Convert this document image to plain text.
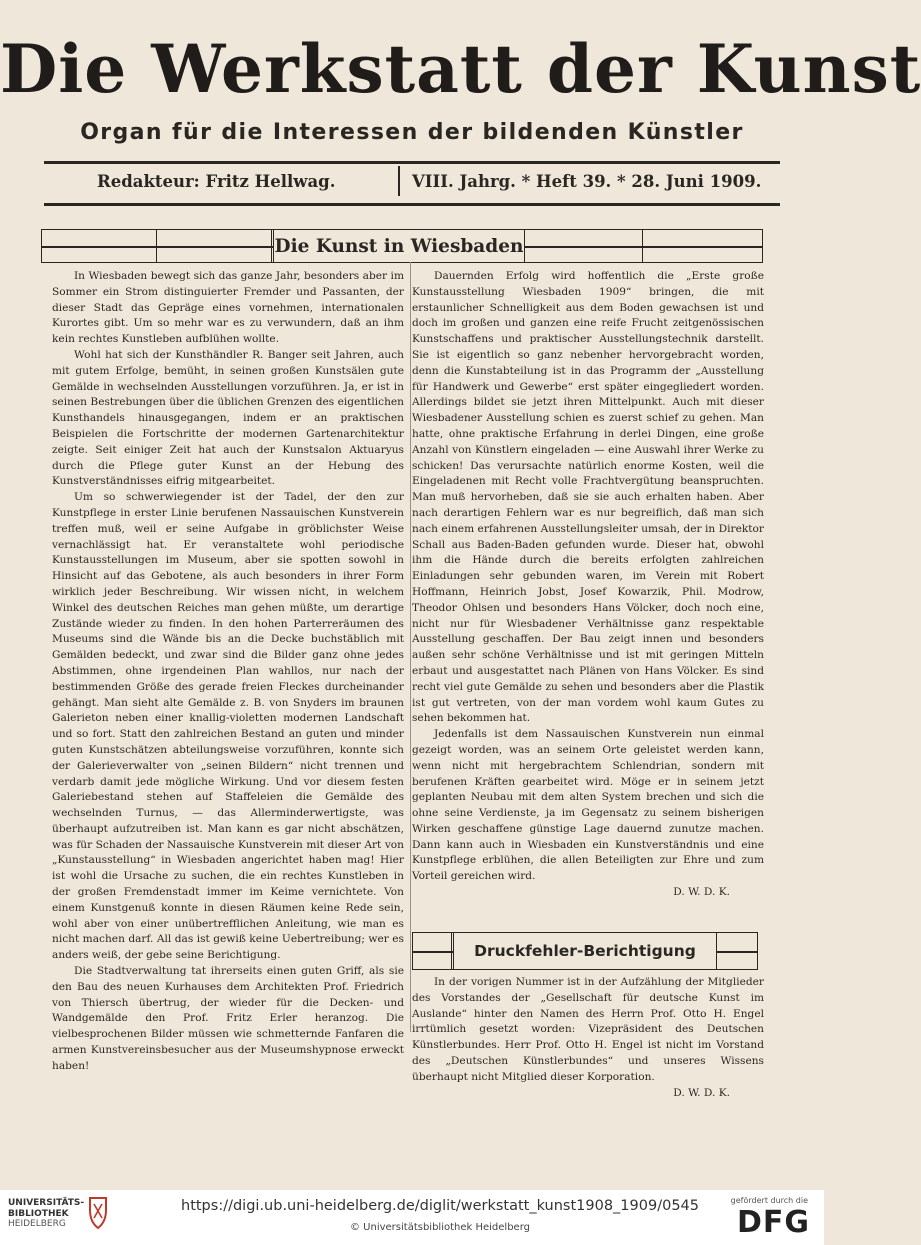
Die Werkstatt der Kunst
Organ für die Interessen der bildenden Künstler
Redakteur: Fritz Hellwag.	VIII. Jahrg. * Heft 39. * 28. Juni 1909.
Die Kunst in Wiesbaden

In Wiesbaden bewegt sich das ganze Jahr, besonders aber im Sommer ein Strom distinguierter Fremder und Passanten, der dieser Stadt das Gepräge eines vornehmen, internationalen Kurortes gibt. Um so mehr war es zu verwundern, daß an ihm kein rechtes Kunstleben aufblühen wollte.

Wohl hat sich der Kunsthändler R. Banger seit Jahren, auch mit gutem Erfolge, bemüht, in seinen großen Kunstsälen gute Gemälde in wechselnden Ausstellungen vorzuführen. Ja, er ist in seinen Bestrebungen über die üblichen Grenzen des eigentlichen Kunsthandels hinausgegangen, indem er an praktischen Beispielen die Fortschritte der modernen Gartenarchitektur zeigte. Seit einiger Zeit hat auch der Kunstsalon Aktuaryus durch die Pflege guter Kunst an der Hebung des Kunstverständnisses eifrig mitgearbeitet.

Um so schwerwiegender ist der Tadel, der den zur Kunstpflege in erster Linie berufenen Nassauischen Kunstverein treffen muß, weil er seine Aufgabe in gröblichster Weise vernachlässigt hat. Er veranstaltete wohl periodische Kunstausstellungen im Museum, aber sie spotten sowohl in Hinsicht auf das Gebotene, als auch besonders in ihrer Form wirklich jeder Beschreibung. Wir wissen nicht, in welchem Winkel des deutschen Reiches man gehen müßte, um derartige Zustände wieder zu finden. In den hohen Parterreräumen des Museums sind die Wände bis an die Decke buchstäblich mit Gemälden bedeckt, und zwar sind die Bilder ganz ohne jedes Abstimmen, ohne irgendeinen Plan wahllos, nur nach der bestimmenden Größe des gerade freien Fleckes durcheinander gehängt. Man sieht alte Gemälde z. B. von Snyders im braunen Galerieton neben einer knallig-violetten modernen Landschaft und so fort. Statt den zahlreichen Bestand an guten und minder guten Kunstschätzen abteilungsweise vorzuführen, konnte sich der Galerieverwalter von „seinen Bildern“ nicht trennen und verdarb damit jede mögliche Wirkung. Und vor diesem festen Galeriebestand stehen auf Staffeleien die Gemälde des wechselnden Turnus, — das Allerminderwertigste, was überhaupt aufzutreiben ist. Man kann es gar nicht abschätzen, was für Schaden der Nassauische Kunstverein mit dieser Art von „Kunstausstellung“ in Wiesbaden angerichtet haben mag! Hier ist wohl die Ursache zu suchen, die ein rechtes Kunstleben in der großen Fremdenstadt immer im Keime vernichtete. Von einem Kunstgenuß konnte in diesen Räumen keine Rede sein, wohl aber von einer unübertrefflichen Anleitung, wie man es nicht machen darf. All das ist gewiß keine Uebertreibung; wer es anders weiß, der gebe seine Berichtigung.

Die Stadtverwaltung tat ihrerseits einen guten Griff, als sie den Bau des neuen Kurhauses dem Architekten Prof. Friedrich von Thiersch übertrug, der wieder für die Decken- und Wandgemälde den Prof. Fritz Erler heranzog. Die vielbesprochenen Bilder müssen wie schmetternde Fanfaren die armen Kunstvereinsbesucher aus der Museumshypnose erweckt haben!

Dauernden Erfolg wird hoffentlich die „Erste große Kunstausstellung Wiesbaden 1909“ bringen, die mit erstaunlicher Schnelligkeit aus dem Boden gewachsen ist und doch im großen und ganzen eine reife Frucht zeitgenössischen Kunstschaffens und praktischer Ausstellungstechnik darstellt. Sie ist eigentlich so ganz nebenher hervorgebracht worden, denn die Kunstabteilung ist in das Programm der „Ausstellung für Handwerk und Gewerbe“ erst später eingegliedert worden. Allerdings bildet sie jetzt ihren Mittelpunkt. Auch mit dieser Wiesbadener Ausstellung schien es zuerst schief zu gehen. Man hatte, ohne praktische Erfahrung in derlei Dingen, eine große Anzahl von Künstlern eingeladen — eine Auswahl ihrer Werke zu schicken! Das verursachte natürlich enorme Kosten, weil die Eingeladenen mit Recht volle Frachtvergütung beanspruchten. Man muß hervorheben, daß sie sie auch erhalten haben. Aber nach derartigen Fehlern war es nur begreiflich, daß man sich nach einem erfahrenen Ausstellungsleiter umsah, der in Direktor Schall aus Baden-Baden gefunden wurde. Dieser hat, obwohl ihm die Hände durch die bereits erfolgten zahlreichen Einladungen sehr gebunden waren, im Verein mit Robert Hoffmann, Heinrich Jobst, Josef Kowarzik, Phil. Modrow, Theodor Ohlsen und besonders Hans Völcker, doch noch eine, nicht nur für Wiesbadener Verhältnisse ganz respektable Ausstellung geschaffen. Der Bau zeigt innen und besonders außen sehr schöne Verhältnisse und ist mit geringen Mitteln erbaut und ausgestattet nach Plänen von Hans Völcker. Es sind recht viel gute Gemälde zu sehen und besonders aber die Plastik ist gut vertreten, von der man vordem wohl kaum Gutes zu sehen bekommen hat.

Jedenfalls ist dem Nassauischen Kunstverein nun einmal gezeigt worden, was an seinem Orte geleistet werden kann, wenn nicht mit hergebrachtem Schlendrian, sondern mit berufenen Kräften gearbeitet wird. Möge er in seinem jetzt geplanten Neubau mit dem alten System brechen und sich die ohne seine Verdienste, ja im Gegensatz zu seinem bisherigen Wirken geschaffene günstige Lage dauernd zunutze machen. Dann kann auch in Wiesbaden ein Kunstverständnis und eine Kunstpflege erblühen, die allen Beteiligten zur Ehre und zum Vorteil gereichen wird.

D. W. D. K.
Druckfehler-Berichtigung

In der vorigen Nummer ist in der Aufzählung der Mitglieder des Vorstandes der „Gesellschaft für deutsche Kunst im Auslande“ hinter den Namen des Herrn Prof. Otto H. Engel irrtümlich gesetzt worden: Vizepräsident des Deutschen Künstlerbundes. Herr Prof. Otto H. Engel ist nicht im Vorstand des „Deutschen Künstlerbundes“ und unseres Wissens überhaupt nicht Mitglied dieser Korporation.

D. W. D. K.
UNIVERSITÄTS-
BIBLIOTHEK
HEIDELBERG
https://digi.ub.uni-heidelberg.de/diglit/werkstatt_kunst1908_1909/0545
© Universitätsbibliothek Heidelberg
gefördert durch die
DFG
